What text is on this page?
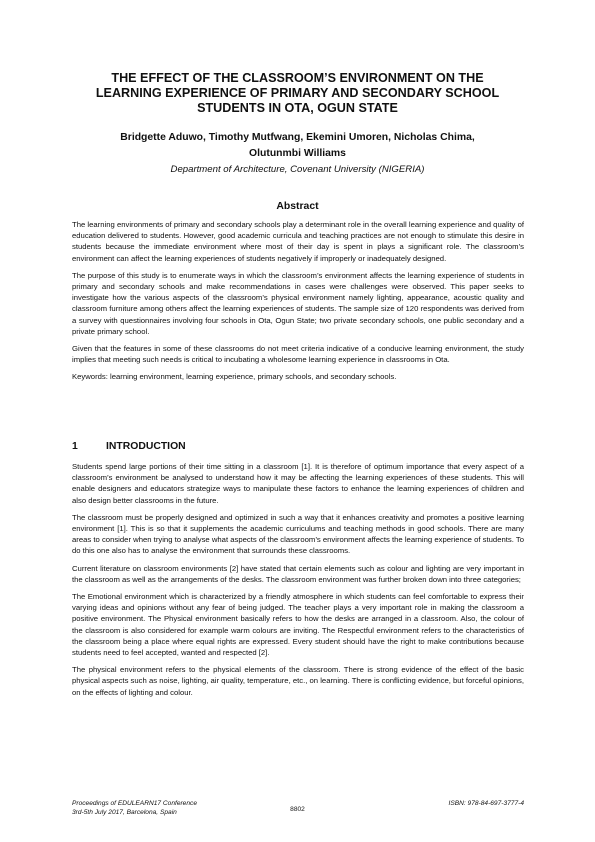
THE EFFECT OF THE CLASSROOM’S ENVIRONMENT ON THE
LEARNING EXPERIENCE OF PRIMARY AND SECONDARY SCHOOL
STUDENTS IN OTA, OGUN STATE
Bridgette Aduwo, Timothy Mutfwang, Ekemini Umoren, Nicholas Chima,
Olutunmbi Williams
Department of Architecture, Covenant University (NIGERIA)
Abstract

The learning environments of primary and secondary schools play a determinant role in the overall learning experience and quality of education delivered to students. However, good academic curricula and teaching practices are not enough to stimulate this desire in students because the immediate environment where most of their day is spent in plays a significant role. The classroom’s environment can affect the learning experiences of students negatively if improperly or inadequately designed.

The purpose of this study is to enumerate ways in which the classroom’s environment affects the learning experience of students in primary and secondary schools and make recommendations in cases were challenges were observed. This paper seeks to investigate how the various aspects of the classroom’s physical environment namely lighting, appearance, acoustic quality and classroom furniture among others affect the learning experiences of students. The sample size of 120 respondents was derived from a survey with questionnaires involving four schools in Ota, Ogun State; two private secondary schools, one public secondary and a private primary school.

Given that the features in some of these classrooms do not meet criteria indicative of a conducive learning environment, the study implies that meeting such needs is critical to incubating a wholesome learning experience in classrooms in Ota.

Keywords: learning environment, learning experience, primary schools, and secondary schools.

1	INTRODUCTION

Students spend large portions of their time sitting in a classroom [1]. It is therefore of optimum importance that every aspect of a classroom’s environment be analysed to understand how it may be affecting the learning experiences of these students. This will enable designers and educators strategize ways to manipulate these factors to enhance the learning experiences of children and also design better classrooms in the future.

The classroom must be properly designed and optimized in such a way that it enhances creativity and promotes a positive learning environment [1]. This is so that it supplements the academic curriculums and teaching methods in good schools. There are many areas to consider when trying to analyse what aspects of the classroom’s environment affects the learning experience of students. To do this one also has to analyse the environment that surrounds these classrooms.

Current literature on classroom environments [2] have stated that certain elements such as colour and lighting are very important in the classroom as well as the arrangements of the desks. The classroom environment was further broken down into three categories;

The Emotional environment which is characterized by a friendly atmosphere in which students can feel comfortable to express their varying ideas and opinions without any fear of being judged. The teacher plays a very important role in making the classroom a positive environment. The Physical environment basically refers to how the desks are arranged in a classroom. Also, the colour of the classroom is also considered for example warm colours are inviting. The Respectful environment refers to the characteristics of the classroom being a place where equal rights are expressed. Every student should have the right to make contributions because students need to feel accepted, wanted and respected [2].

The physical environment refers to the physical elements of the classroom. There is strong evidence of the effect of the basic physical aspects such as noise, lighting, air quality, temperature, etc., on learning. There is conflicting evidence, but forceful opinions, on the effects of lighting and colour.

Proceedings of EDULEARN17 Conference
3rd-5th July 2017, Barcelona, Spain
ISBN: 978-84-697-3777-4
8802
